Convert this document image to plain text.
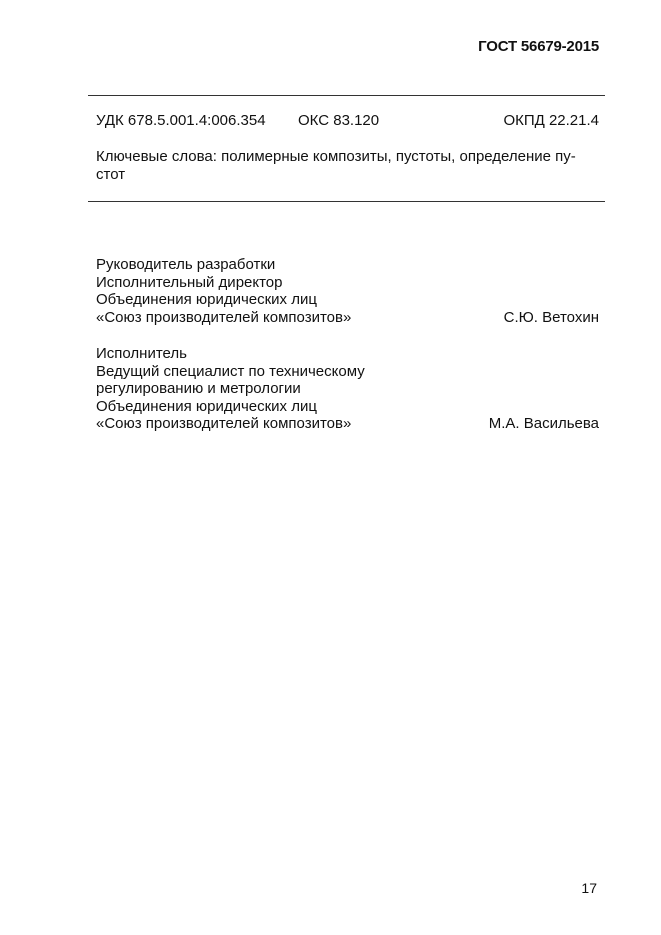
ГОСТ 56679-2015
УДК 678.5.001.4:006.354 ОКС 83.120	ОКПД 22.21.4
Ключевые слова: полимерные композиты, пустоты, определение пу-
стот
Руководитель разработки
Исполнительный директор
Объединения юридических лиц
«Союз производителей композитов»	С.Ю. Ветохин
Исполнитель
Ведущий специалист по техническому
регулированию и метрологии
Объединения юридических лиц
«Союз производителей композитов»	М.А. Васильева
17
